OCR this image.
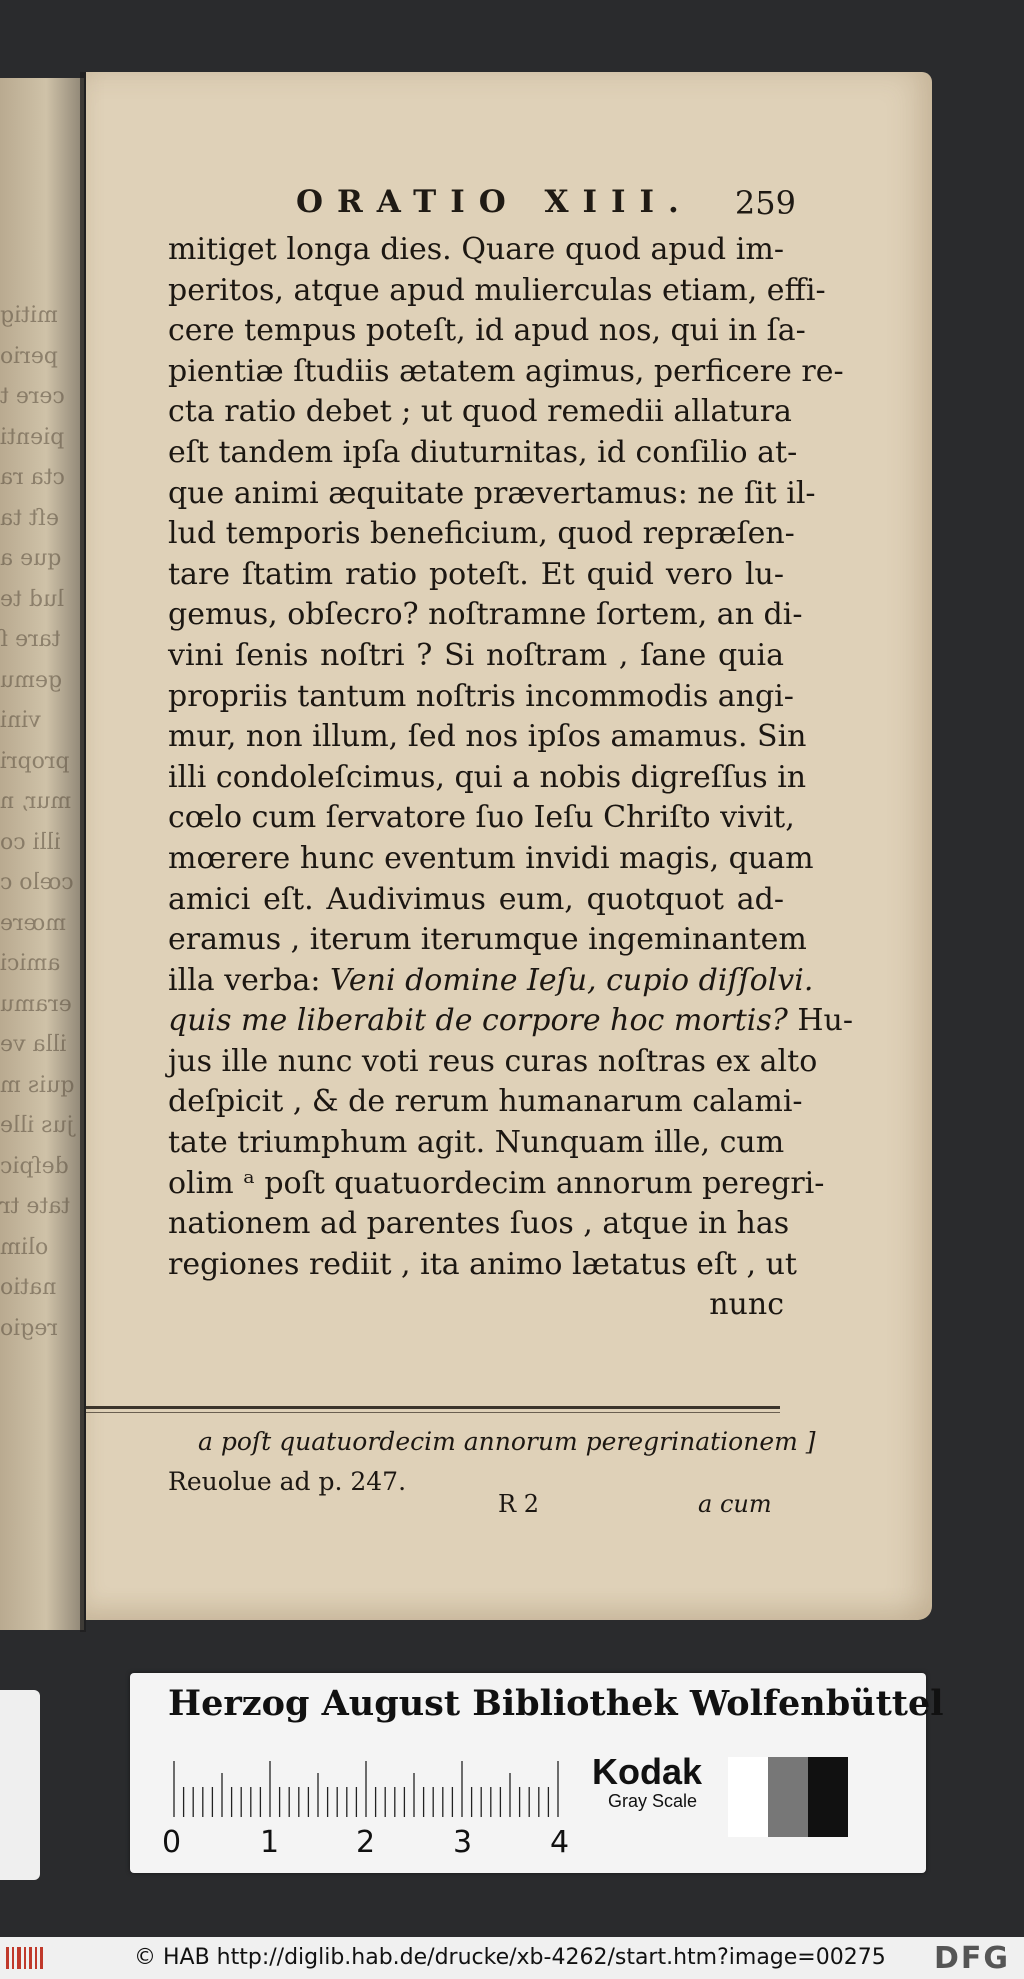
mitig
perio
cere t
pienti
cta ra
eſt ta
que a
lud te
tare ſ
gemu
vini
propri
mur, n
illi co
cœlo c
mœre
amici
eramu
illa ve
quis m
jus ille
deſpic
tate tr
olim
natio
regio
ORATIO XIII. 259
mitiget longa dies. Quare quod apud im-
peritos, atque apud mulierculas etiam, effi-
cere tempus poteſt, id apud nos, qui in ſa-
pientiæ ſtudiis ætatem agimus, perficere re-
cta ratio debet ; ut quod remedii allatura
eſt tandem ipſa diuturnitas, id conſilio at-
que animi æquitate prævertamus: ne ſit il-
lud temporis beneficium, quod repræſen-
tare ſtatim ratio poteſt. Et quid vero lu-
gemus, obſecro? noſtramne ſortem, an di-
vini ſenis noſtri ? Si noſtram , ſane quia
propriis tantum noſtris incommodis angi-
mur, non illum, ſed nos ipſos amamus. Sin
illi condoleſcimus, qui a nobis digreſſus in
cœlo cum ſervatore ſuo Ieſu Chriſto vivit,
mœrere hunc eventum invidi magis, quam
amici eſt. Audivimus eum, quotquot ad-
eramus , iterum iterumque ingeminantem
illa verba: Veni domine Ieſu, cupio diſſolvi.
quis me liberabit de corpore hoc mortis? Hu-
jus ille nunc voti reus curas noſtras ex alto
deſpicit , & de rerum humanarum calami-
tate triumphum agit. Nunquam ille, cum
olim ᵃ poſt quatuordecim annorum peregri-
nationem ad parentes ſuos , atque in has
regiones rediit , ita animo lætatus eſt , ut
nunc
a poſt quatuordecim annorum peregrinationem ]
Reuolue ad p. 247.
R 2	a cum
Herzog August Bibliothek Wolfenbüttel
0	1	2	3	4
Kodak
Gray Scale
© HAB http://diglib.hab.de/drucke/xb-4262/start.htm?image=00275 DFG
